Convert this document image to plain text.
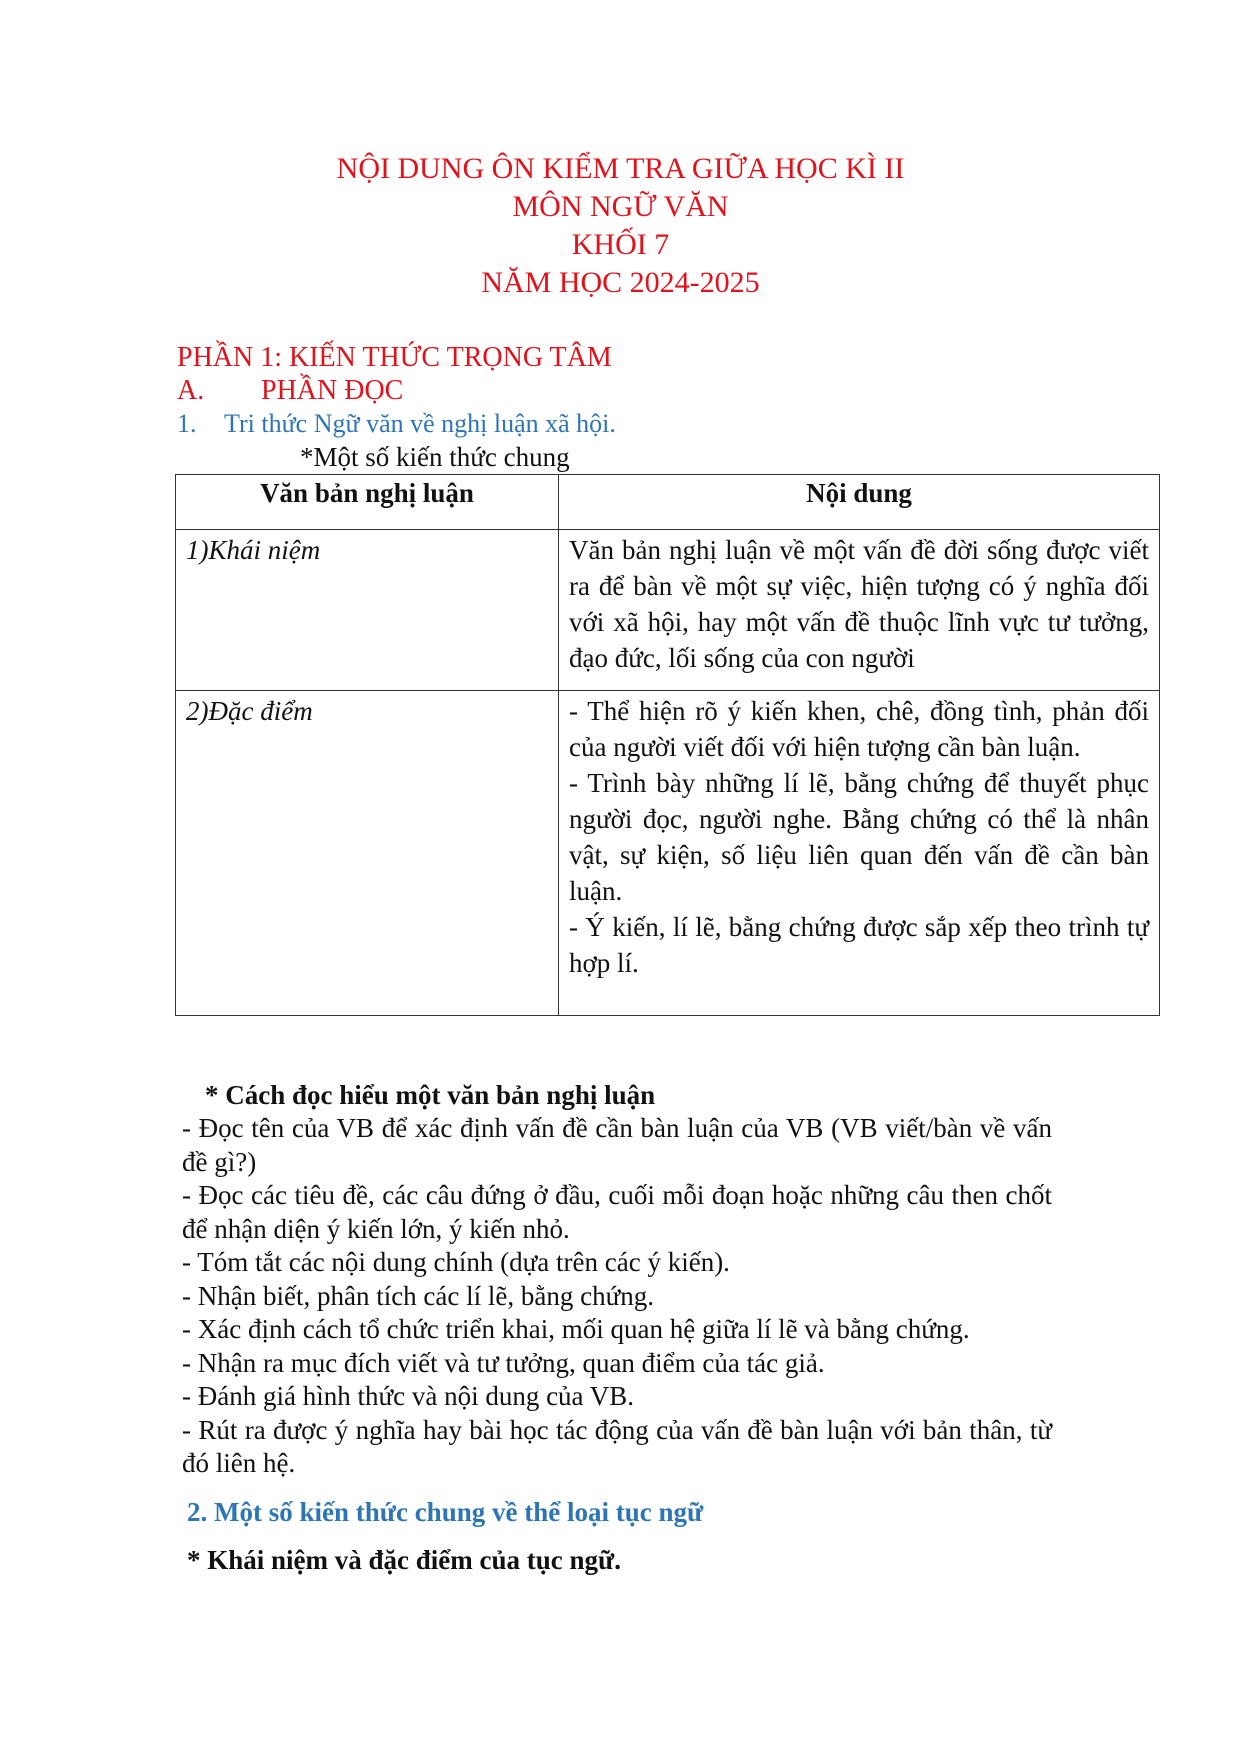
NỘI DUNG ÔN KIỂM TRA GIỮA HỌC KÌ II
MÔN NGỮ VĂN
KHỐI 7
NĂM HỌC 2024-2025
PHẦN 1: KIẾN THỨC TRỌNG TÂM
A. PHẦN ĐỌC
1. Tri thức Ngữ văn về nghị luận xã hội.
*Một số kiến thức chung
Văn bản nghị luận	Nội dung
1)Khái niệm	Văn bản nghị luận về một vấn đề đời sống được viết ra để bàn về một sự việc, hiện tượng có ý nghĩa đối với xã hội, hay một vấn đề thuộc lĩnh vực tư tưởng, đạo đức, lối sống của con người

2)Đặc điểm	- Thể hiện rõ ý kiến khen, chê, đồng tình, phản đối của người viết đối với hiện tượng cần bàn luận.
- Trình bày những lí lẽ, bằng chứng để thuyết phục người đọc, người nghe. Bằng chứng có thể là nhân vật, sự kiện, số liệu liên quan đến vấn đề cần bàn luận.
- Ý kiến, lí lẽ, bằng chứng được sắp xếp theo trình tự hợp lí.
* Cách đọc hiểu một văn bản nghị luận

- Đọc tên của VB để xác định vấn đề cần bàn luận của VB (VB viết/bàn về vấn đề gì?)

- Đọc các tiêu đề, các câu đứng ở đầu, cuối mỗi đoạn hoặc những câu then chốt để nhận diện ý kiến lớn, ý kiến nhỏ.

- Tóm tắt các nội dung chính (dựa trên các ý kiến).

- Nhận biết, phân tích các lí lẽ, bằng chứng.

- Xác định cách tổ chức triển khai, mối quan hệ giữa lí lẽ và bằng chứng.

- Nhận ra mục đích viết và tư tưởng, quan điểm của tác giả.

- Đánh giá hình thức và nội dung của VB.

- Rút ra được ý nghĩa hay bài học tác động của vấn đề bàn luận với bản thân, từ đó liên hệ.

2. Một số kiến thức chung về thể loại tục ngữ
* Khái niệm và đặc điểm của tục ngữ.
